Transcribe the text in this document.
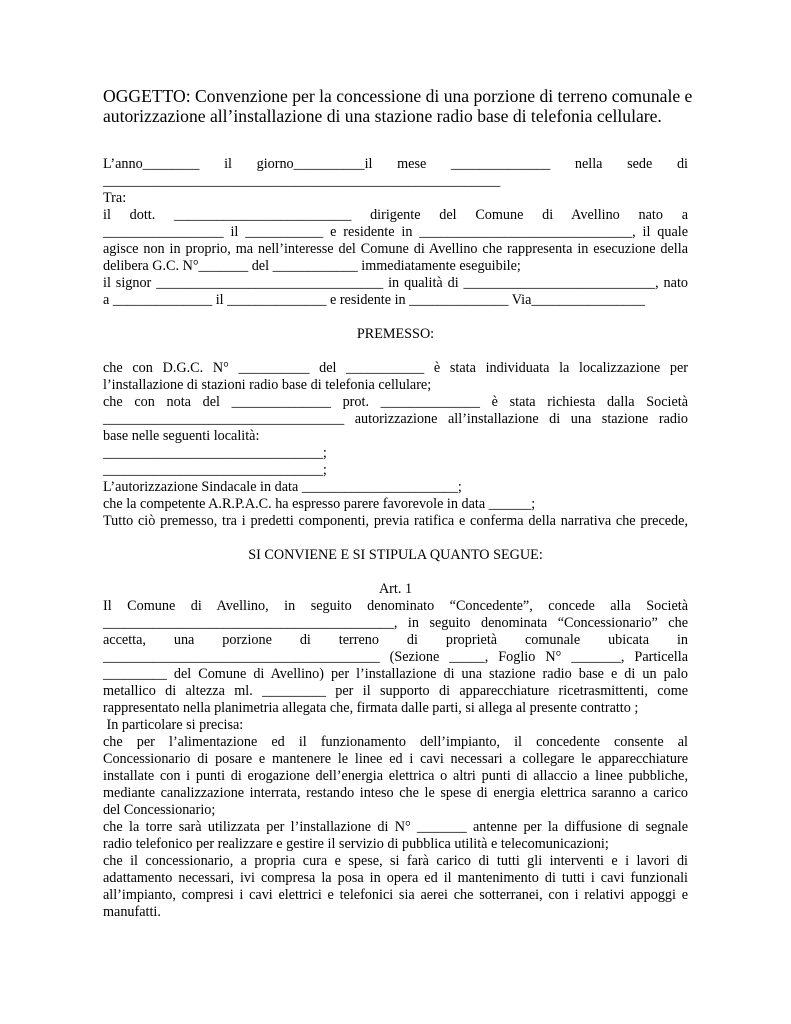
OGGETTO: Convenzione per la concessione di una porzione di terreno comunale e
autorizzazione all’installazione di una stazione radio base di telefonia cellulare.

L’anno________ il giorno__________il mese ______________ nella sede di
________________________________________________________
Tra:
il dott. _________________________ dirigente del Comune di Avellino nato a
_________________ il ___________ e residente in ______________________________, il quale
agisce non in proprio, ma nell’interesse del Comune di Avellino che rappresenta in esecuzione della
delibera G.C. N°_______ del ____________ immediatamente eseguibile;
il signor ________________________________ in qualità di ___________________________, nato
a ______________ il ______________ e residente in ______________ Via________________
PREMESSO:
che con D.G.C. N° __________ del ___________ è stata individuata la localizzazione per
l’installazione di stazioni radio base di telefonia cellulare;
che con nota del ______________ prot. ______________ è stata richiesta dalla Società
__________________________________ autorizzazione all’installazione di una stazione radio
base nelle seguenti località:
_______________________________;
_______________________________;
L’autorizzazione Sindacale in data ______________________;
che la competente A.R.P.A.C. ha espresso parere favorevole in data ______;
Tutto ciò premesso, tra i predetti componenti, previa ratifica e conferma della narrativa che precede,
SI CONVIENE E SI STIPULA QUANTO SEGUE:
Art. 1
Il Comune di Avellino, in seguito denominato “Concedente”, concede alla Società
_________________________________________, in seguito denominata “Concessionario” che
accetta, una porzione di terreno di proprietà comunale ubicata in
_______________________________________ (Sezione _____, Foglio N° _______, Particella
_________ del Comune di Avellino) per l’installazione di una stazione radio base e di un palo
metallico di altezza ml. _________ per il supporto di apparecchiature ricetrasmittenti, come
rappresentato nella planimetria allegata che, firmata dalle parti, si allega al presente contratto ;
In particolare si precisa:
che per l’alimentazione ed il funzionamento dell’impianto, il concedente consente al
Concessionario di posare e mantenere le linee ed i cavi necessari a collegare le apparecchiature
installate con i punti di erogazione dell’energia elettrica o altri punti di allaccio a linee pubbliche,
mediante canalizzazione interrata, restando inteso che le spese di energia elettrica saranno a carico
del Concessionario;
che la torre sarà utilizzata per l’installazione di N° _______ antenne per la diffusione di segnale
radio telefonico per realizzare e gestire il servizio di pubblica utilità e telecomunicazioni;
che il concessionario, a propria cura e spese, si farà carico di tutti gli interventi e i lavori di
adattamento necessari, ivi compresa la posa in opera ed il mantenimento di tutti i cavi funzionali
all’impianto, compresi i cavi elettrici e telefonici sia aerei che sotterranei, con i relativi appoggi e
manufatti.
